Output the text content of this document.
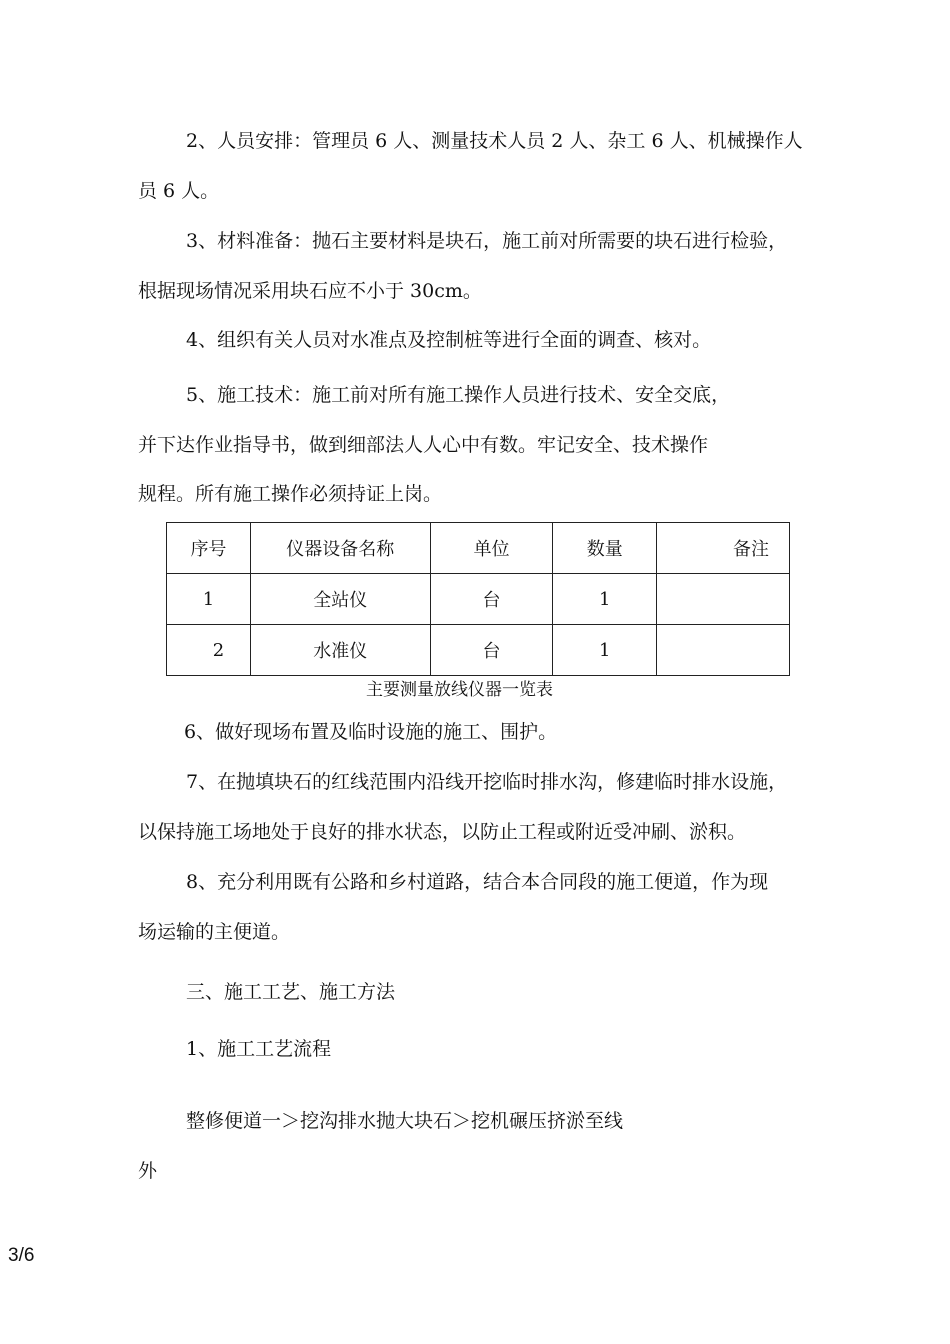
2、人员安排：管理员 6 人、测量技术人员 2 人、杂工 6 人、机械操作人
员 6 人。
3、材料准备：抛石主要材料是块石，施工前对所需要的块石进行检验，
根据现场情况采用块石应不小于 30cm。
4、组织有关人员对水准点及控制桩等进行全面的调查、核对。
5、施工技术：施工前对所有施工操作人员进行技术、安全交底，
并下达作业指导书，做到细部法人人心中有数。牢记安全、技术操作
规程。所有施工操作必须持证上岗。
序号	仪器设备名称	单位	数量	备注
1	全站仪	台	1	
2	水准仪	台	1	
主要测量放线仪器一览表
6、做好现场布置及临时设施的施工、围护。
7、在抛填块石的红线范围内沿线开挖临时排水沟，修建临时排水设施，
以保持施工场地处于良好的排水状态，以防止工程或附近受冲刷、淤积。
8、充分利用既有公路和乡村道路，结合本合同段的施工便道，作为现
场运输的主便道。
三、施工工艺、施工方法
1、施工工艺流程
整修便道一＞挖沟排水抛大块石＞挖机碾压挤淤至线
外
3/6
